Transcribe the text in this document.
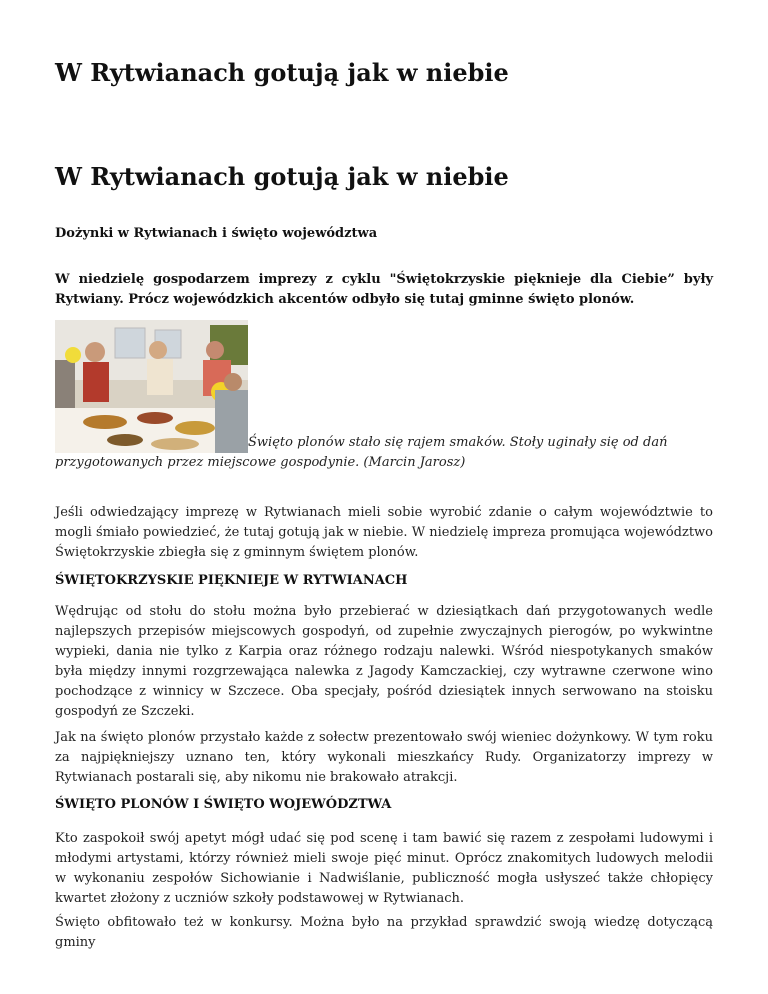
W Rytwianach gotują jak w niebie
W Rytwianach gotują jak w niebie
Dożynki w Rytwianach i święto województwa
W niedzielę gospodarzem imprezy z cyklu "Świętokrzyskie piękniejе dla Ciebie” były Rytwiany. Prócz wojewódzkich akcentów odbyło się tutaj gminne święto plonów.
Święto plonów stało się rajem smaków. Stoły uginały się od dań przygotowanych przez miejscowe gospodynie. (Marcin Jarosz)
Jeśli odwiedzający imprezę w Rytwianach mieli sobie wyrobić zdanie o całym województwie to mogli śmiało powiedzieć, że tutaj gotują jak w niebie. W niedzielę impreza promująca województwo Świętokrzyskie zbiegła się z gminnym świętem plonów.
ŚWIĘTOKRZYSKIE PIĘKNIEJE W RYTWIANACH
Wędrując od stołu do stołu można było przebierać w dziesiątkach dań przygotowanych wedle najlepszych przepisów miejscowych gospodyń, od zupełnie zwyczajnych pierogów, po wykwintne wypieki, dania nie tylko z Karpia oraz różnego rodzaju nalewki. Wśród niespotykanych smaków była między innymi rozgrzewająca nalewka z Jagody Kamczackiej, czy wytrawne czerwone wino pochodzące z winnicy w Szczece. Oba specjały, pośród dziesiątek innych serwowano na stoisku gospodyń ze Szczeki.
Jak na święto plonów przystało każde z sołectw prezentowało swój wieniec dożynkowy. W tym roku za najpiękniejszy uznano ten, który wykonali mieszkańcy Rudy. Organizatorzy imprezy w Rytwianach postarali się, aby nikomu nie brakowało atrakcji.
ŚWIĘTO PLONÓW I ŚWIĘTO WOJEWÓDZTWA
Kto zaspokoił swój apetyt mógł udać się pod scenę i tam bawić się razem z zespołami ludowymi i młodymi artystami, którzy również mieli swoje pięć minut. Oprócz znakomitych ludowych melodii w wykonaniu zespołów Sichowianie i Nadwiślanie, publiczność mogła usłyszeć także chłopięcy kwartet złożony z uczniów szkoły podstawowej w Rytwianach.
Święto obfitowało też w konkursy. Można było na przykład sprawdzić swoją wiedzę dotyczącą gminy
